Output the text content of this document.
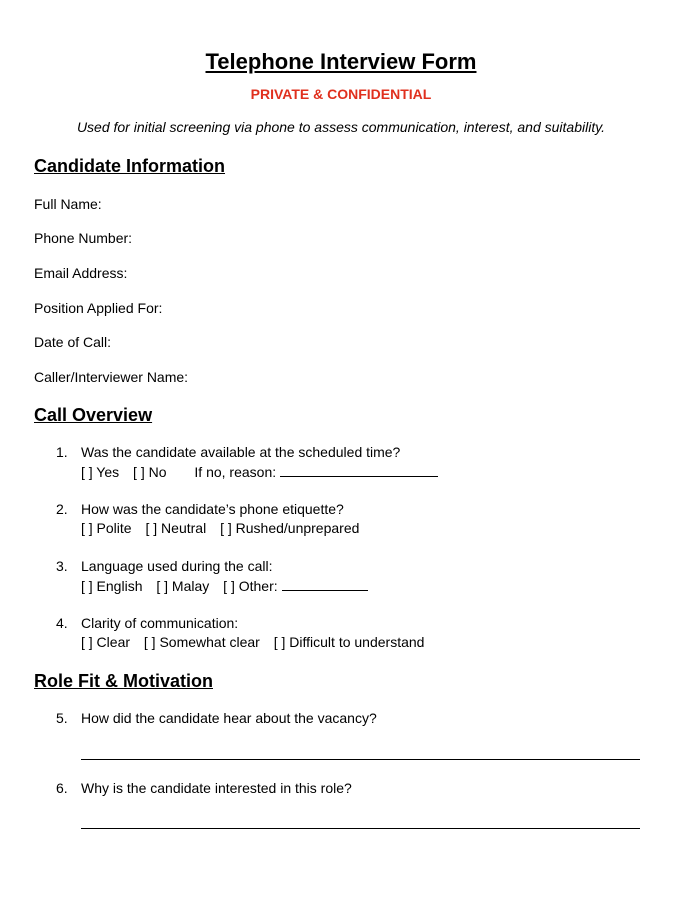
Telephone Interview Form
PRIVATE & CONFIDENTIAL
Used for initial screening via phone to assess communication, interest, and suitability.
Candidate Information
Full Name:
Phone Number:
Email Address:
Position Applied For:
Date of Call:
Caller/Interviewer Name:
Call Overview
1. Was the candidate available at the scheduled time?
[ ] Yes [ ] No If no, reason:
2. How was the candidate’s phone etiquette?
[ ] Polite [ ] Neutral [ ] Rushed/unprepared
3. Language used during the call:
[ ] English [ ] Malay [ ] Other:
4. Clarity of communication:
[ ] Clear [ ] Somewhat clear [ ] Difficult to understand
Role Fit & Motivation
5. How did the candidate hear about the vacancy?
6. Why is the candidate interested in this role?
